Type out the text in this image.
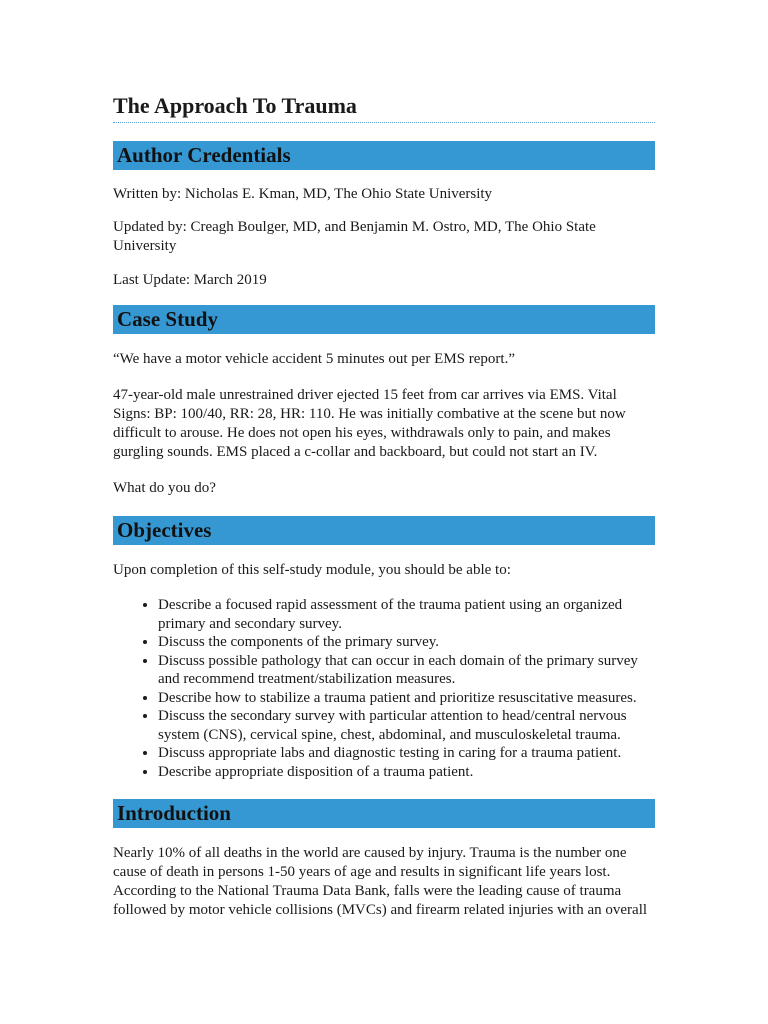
The Approach To Trauma
Author Credentials

Written by: Nicholas E. Kman, MD, The Ohio State University

Updated by: Creagh Boulger, MD, and Benjamin M. Ostro, MD, The Ohio State University

Last Update: March 2019

Case Study

“We have a motor vehicle accident 5 minutes out per EMS report.”

47-year-old male unrestrained driver ejected 15 feet from car arrives via EMS. Vital Signs: BP: 100/40, RR: 28, HR: 110. He was initially combative at the scene but now difficult to arouse. He does not open his eyes, withdrawals only to pain, and makes gurgling sounds. EMS placed a c-collar and backboard, but could not start an IV.

What do you do?

Objectives

Upon completion of this self-study module, you should be able to:

• Describe a focused rapid assessment of the trauma patient using an organized primary and secondary survey.
• Discuss the components of the primary survey.
• Discuss possible pathology that can occur in each domain of the primary survey and recommend treatment/stabilization measures.
• Describe how to stabilize a trauma patient and prioritize resuscitative measures.
• Discuss the secondary survey with particular attention to head/central nervous system (CNS), cervical spine, chest, abdominal, and musculoskeletal trauma.
• Discuss appropriate labs and diagnostic testing in caring for a trauma patient.
• Describe appropriate disposition of a trauma patient.
Introduction

Nearly 10% of all deaths in the world are caused by injury. Trauma is the number one cause of death in persons 1-50 years of age and results in significant life years lost. According to the National Trauma Data Bank, falls were the leading cause of trauma followed by motor vehicle collisions (MVCs) and firearm related injuries with an overall
